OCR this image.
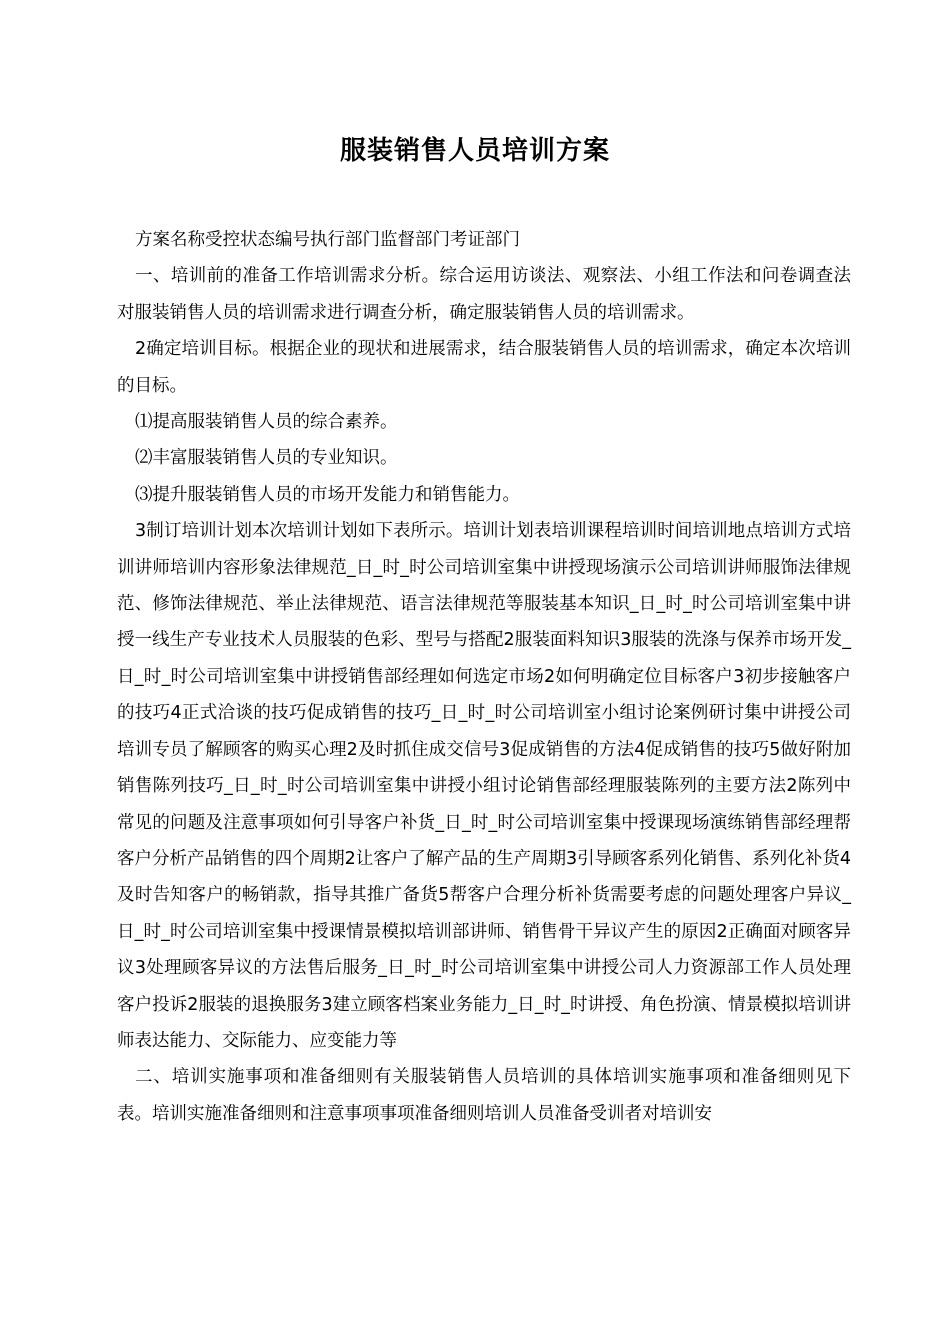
服装销售人员培训方案

方案名称受控状态编号执行部门监督部门考证部门

一、培训前的准备工作培训需求分析。综合运用访谈法、观察法、小组工作法和问卷调查法对服装销售人员的培训需求进行调查分析，确定服装销售人员的培训需求。

2确定培训目标。根据企业的现状和进展需求，结合服装销售人员的培训需求，确定本次培训的目标。

⑴提高服装销售人员的综合素养。

⑵丰富服装销售人员的专业知识。

⑶提升服装销售人员的市场开发能力和销售能力。

3制订培训计划本次培训计划如下表所示。培训计划表培训课程培训时间培训地点培训方式培训讲师培训内容形象法律规范_日_时_时公司培训室集中讲授现场演示公司培训讲师服饰法律规范、修饰法律规范、举止法律规范、语言法律规范等服装基本知识_日_时_时公司培训室集中讲授一线生产专业技术人员服装的色彩、型号与搭配2服装面料知识3服装的洗涤与保养市场开发_日_时_时公司培训室集中讲授销售部经理如何选定市场2如何明确定位目标客户3初步接触客户的技巧4正式洽谈的技巧促成销售的技巧_日_时_时公司培训室小组讨论案例研讨集中讲授公司培训专员了解顾客的购买心理2及时抓住成交信号3促成销售的方法4促成销售的技巧5做好附加销售陈列技巧_日_时_时公司培训室集中讲授小组讨论销售部经理服装陈列的主要方法2陈列中常见的问题及注意事项如何引导客户补货_日_时_时公司培训室集中授课现场演练销售部经理帮客户分析产品销售的四个周期2让客户了解产品的生产周期3引导顾客系列化销售、系列化补货4及时告知客户的畅销款，指导其推广备货5帮客户合理分析补货需要考虑的问题处理客户异议_日_时_时公司培训室集中授课情景模拟培训部讲师、销售骨干异议产生的原因2正确面对顾客异议3处理顾客异议的方法售后服务_日_时_时公司培训室集中讲授公司人力资源部工作人员处理客户投诉2服装的退换服务3建立顾客档案业务能力_日_时_时讲授、角色扮演、情景模拟培训讲师表达能力、交际能力、应变能力等

二、培训实施事项和准备细则有关服装销售人员培训的具体培训实施事项和准备细则见下表。培训实施准备细则和注意事项事项准备细则培训人员准备受训者对培训安
